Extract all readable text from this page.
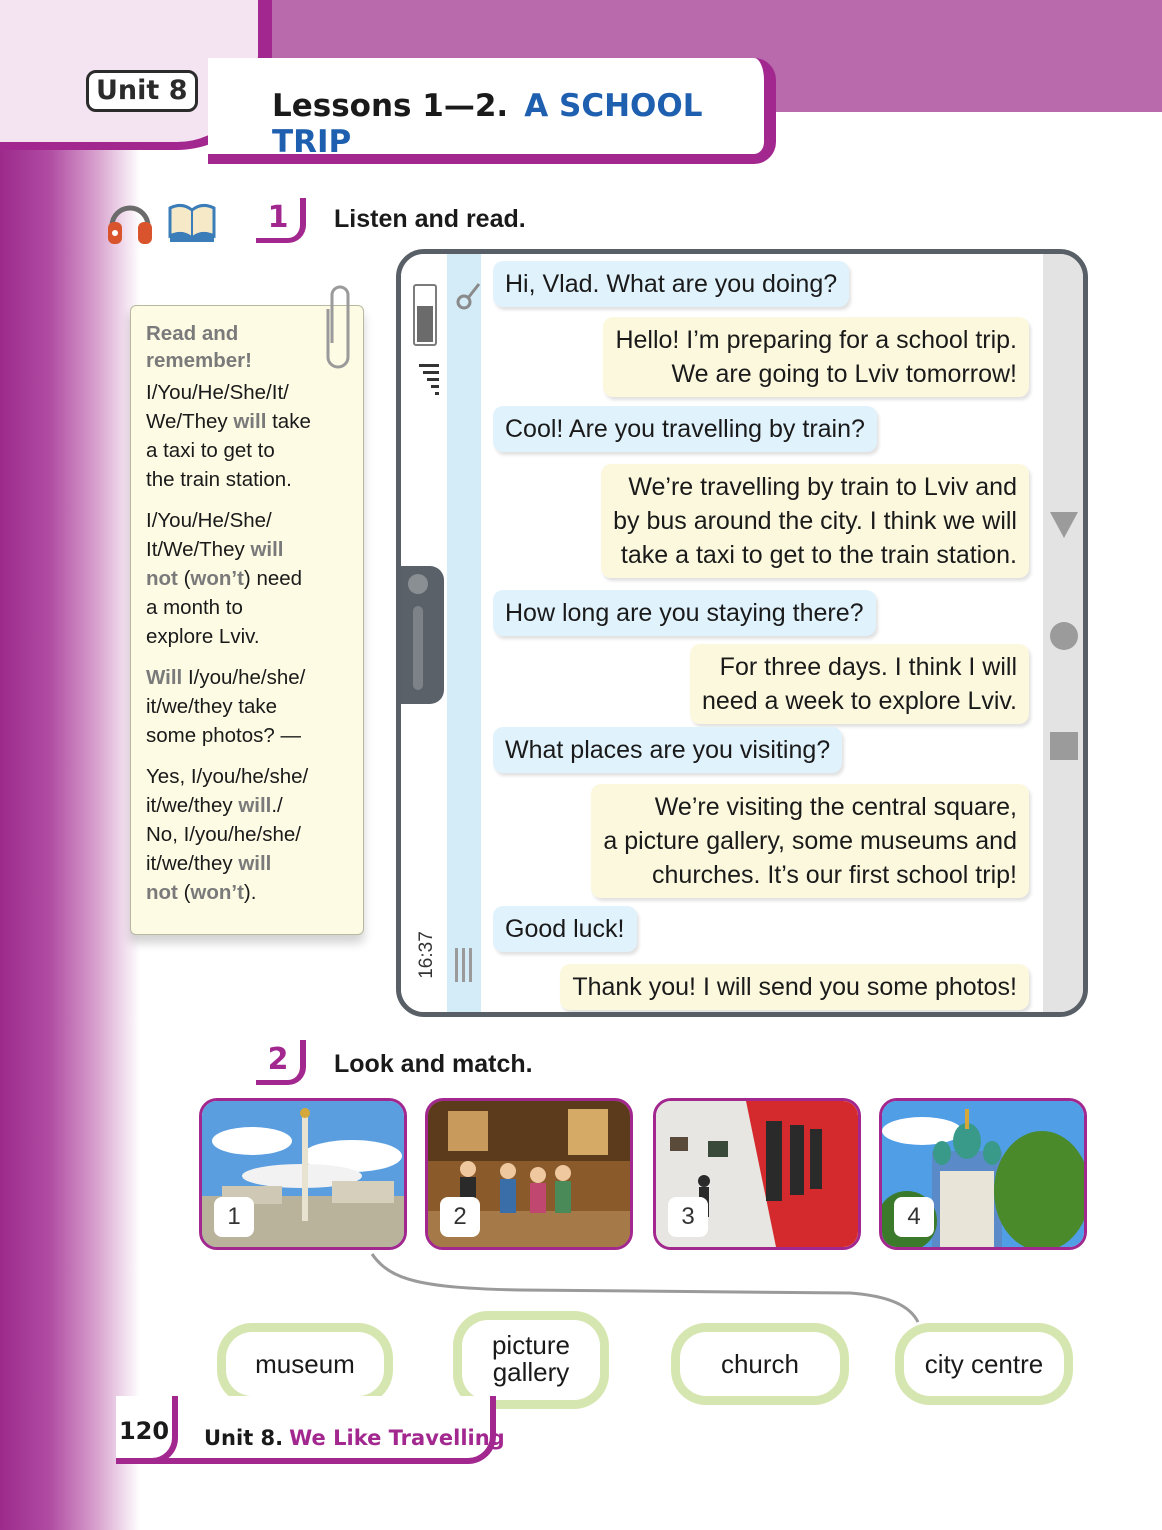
Unit 8	Lessons 1—2. A SCHOOL TRIP
1	Listen and read.
Read and
remember!

I/You/He/She/It/
We/They will take
a taxi to get to
the train station.

I/You/He/She/
It/We/They will
not (won’t) need
a month to
explore Lviv.

Will I/you/he/she/
it/we/they take
some photos? —

Yes, I/you/he/she/
it/we/they will./
No, I/you/he/she/
it/we/they will
not (won’t).

16:37
Hi, Vlad. What are you doing?
Hello! I’m preparing for a school trip.
We are going to Lviv tomorrow!
Cool! Are you travelling by train?
We’re travelling by train to Lviv and
by bus around the city. I think we will
take a taxi to get to the train station.
How long are you staying there?
For three days. I think I will
need a week to explore Lviv.
What places are you visiting?
We’re visiting the central square,
a picture gallery, some museums and
churches. It’s our first school trip!
Good luck!
Thank you! I will send you some photos!
2	Look and match.
1	2	3	4
museum
picture
gallery	church	city centre
120	Unit 8. We Like Travelling
